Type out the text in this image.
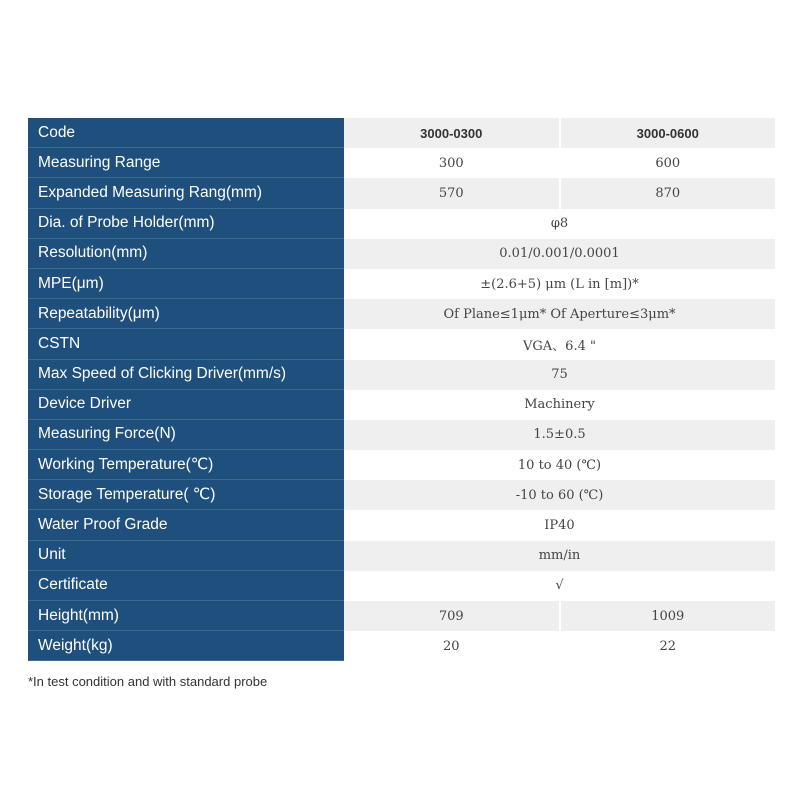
Code	3000-0300	3000-0600
Measuring Range	300	600
Expanded Measuring Rang(mm)	570	870
Dia. of Probe Holder(mm)	φ8
Resolution(mm)	0.01/0.001/0.0001
MPE(μm)	±(2.6+5) μm (L in [m])*
Repeatability(μm)	Of Plane≤1μm* Of Aperture≤3μm*
CSTN	VGA、6.4 "
Max Speed of Clicking Driver(mm/s)	75
Device Driver	Machinery
Measuring Force(N)	1.5±0.5
Working Temperature(℃)	10 to 40 (℃)
Storage Temperature( ℃)	-10 to 60 (℃)
Water Proof Grade	IP40
Unit	mm/in
Certificate	√
Height(mm)	709	1009
Weight(kg)	20	22
*In test condition and with standard probe
